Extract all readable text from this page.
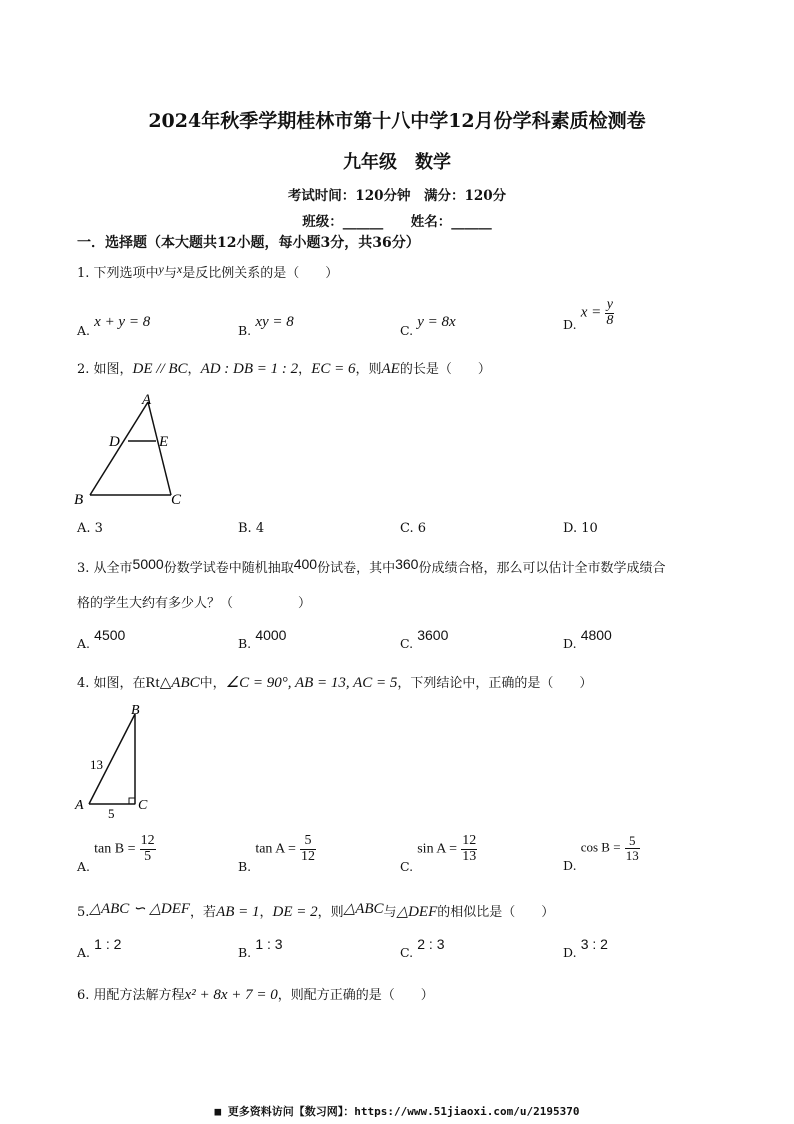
2024年秋季学期桂林市第十八中学12月份学科素质检测卷
九年级　数学
考试时间：120分钟　满分：120分
班级：______ 姓名：______
一．选择题（本大题共12小题，每小题3分，共36分）
1. 下列选项中y与x是反比例关系的是（　　）
A. x + y = 8
B. xy = 8
C. y = 8x	D. $x = \frac{y}{8}$
2. 如图，DE // BC，AD : DB = 1 : 2，EC = 6，则AE的长是（　　）
A
D	E
B	C
A. 3	B. 4	C. 6	D. 10
3. 从全市5000份数学试卷中随机抽取400份试卷，其中360份成绩合格，那么可以估计全市数学成绩合
格的学生大约有多少人？（　　　　　）
A. 4500
B. 4000
C. 3600
D. 4800
4. 如图，在Rt△ABC中，∠C = 90°, AB = 13, AC = 5，下列结论中，正确的是（　　）
B
A	C
13
5
A. $\tan B = \frac{12}{5}$
B. $\tan A = \frac{5}{12}$
C. $\sin A = \frac{12}{13}$
D. $\cos B = \frac{5}{13}$
5.△ABC ∽ △DEF，若AB = 1，DE = 2，则△ABC与△DEF的相似比是（　　）
A. 1 : 2
B. 1 : 3
C. 2 : 3
D. 3 : 2
6. 用配方法解方程x² + 8x + 7 = 0，则配方正确的是（　　）
■ 更多资料访问【数习网】：https://www.51jiaoxi.com/u/2195370
